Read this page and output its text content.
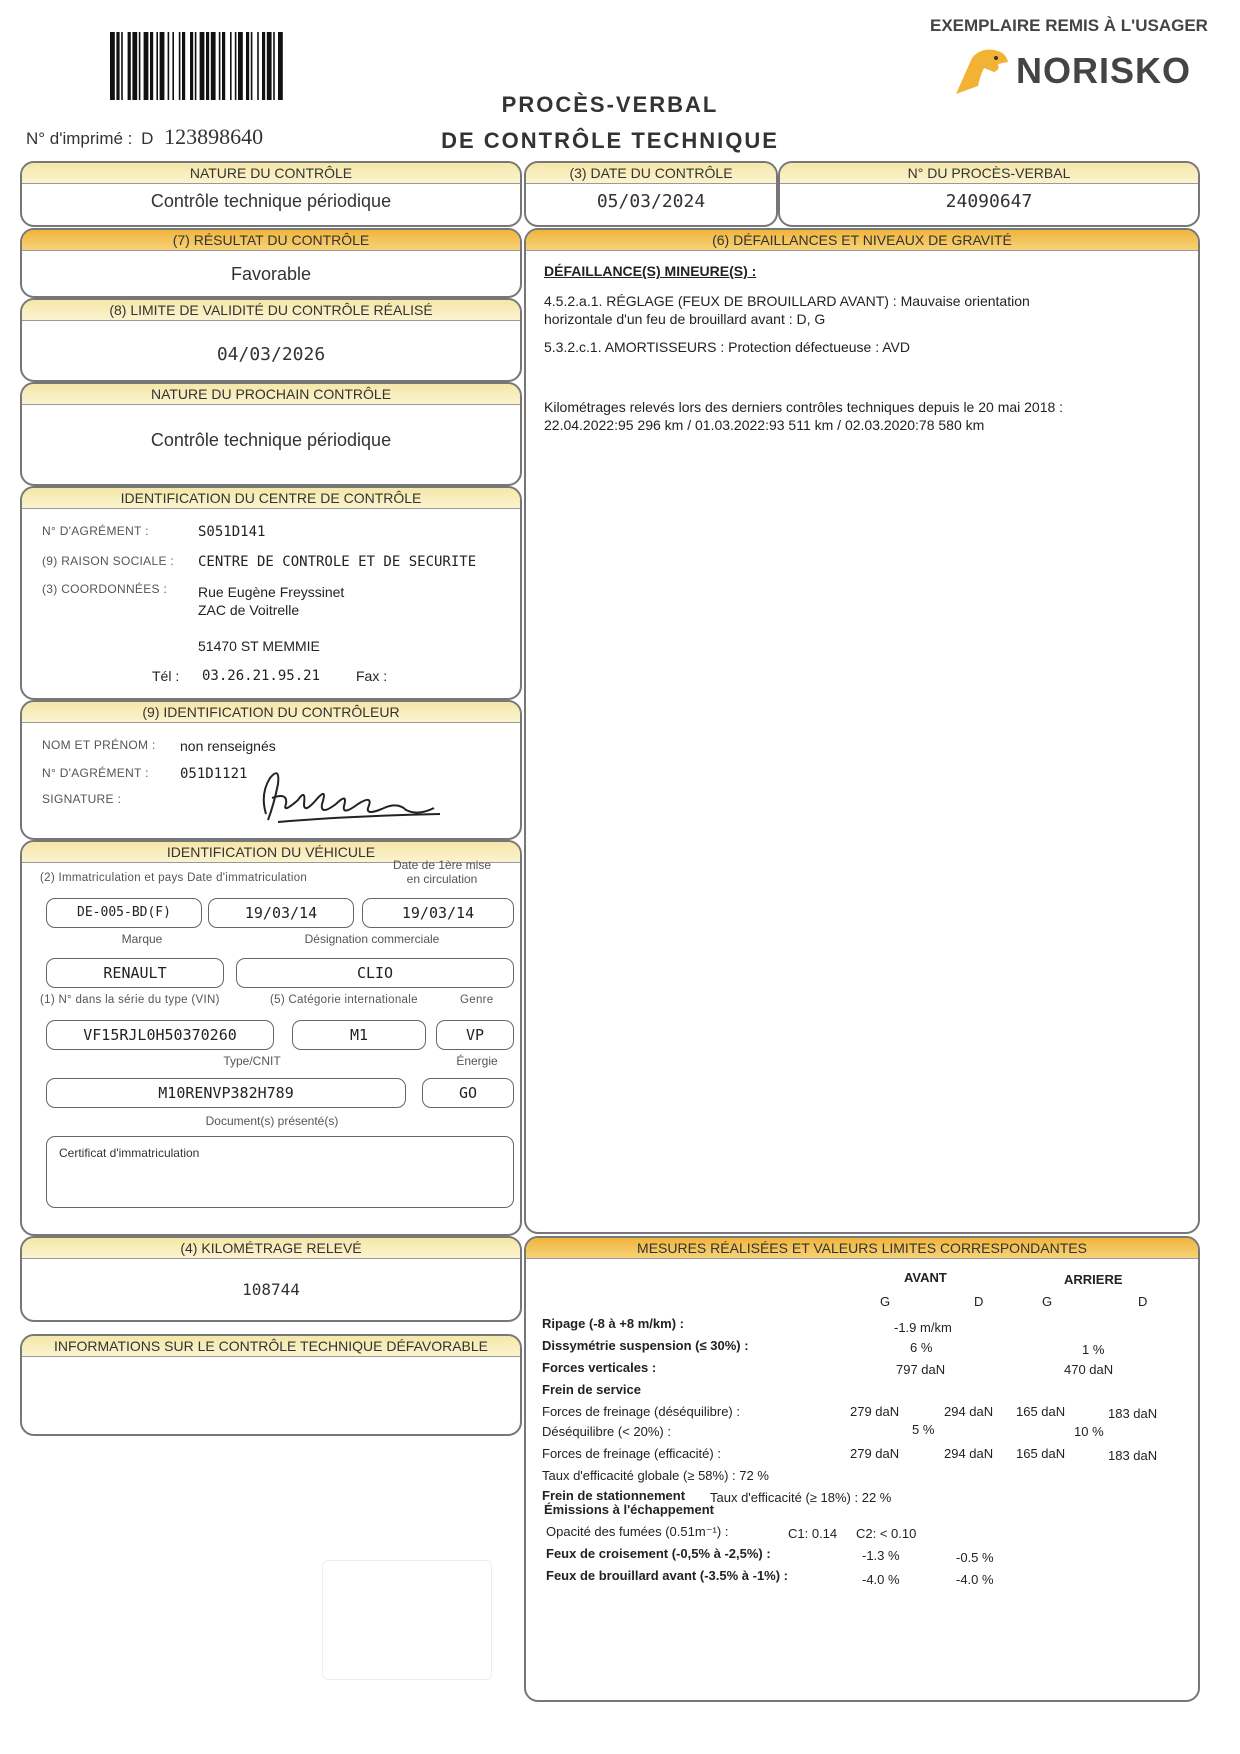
N° d'imprimé : D 123898640
PROCÈS-VERBAL
DE CONTRÔLE TECHNIQUE
EXEMPLAIRE REMIS À L'USAGER
NORISKO
NATURE DU CONTRÔLE
Contrôle technique périodique
(3) DATE DU CONTRÔLE
05/03/2024
N° DU PROCÈS-VERBAL
24090647
(7) RÉSULTAT DU CONTRÔLE
Favorable
(8) LIMITE DE VALIDITÉ DU CONTRÔLE RÉALISÉ
04/03/2026
NATURE DU PROCHAIN CONTRÔLE
Contrôle technique périodique
IDENTIFICATION DU CENTRE DE CONTRÔLE
N° D'AGRÉMENT :	S051D141
(9) RAISON SOCIALE : CENTRE DE CONTROLE ET DE SECURITE
(3) COORDONNÉES : Rue Eugène Freyssinet
ZAC de Voitrelle
51470 ST MEMMIE
Tél : 03.26.21.95.21	Fax :
(9) IDENTIFICATION DU CONTRÔLEUR
NOM ET PRÉNOM : non renseignés
N° D'AGRÉMENT : 051D1121
SIGNATURE :
IDENTIFICATION DU VÉHICULE
(2) Immatriculation et pays Date d'immatriculation
Date de 1ère mise
en circulation
DE-005-BD(F)	19/03/14	19/03/14
Marque	Désignation commerciale
RENAULT	CLIO
(1) N° dans la série du type (VIN)	(5) Catégorie internationale	Genre
VF15RJL0H50370260	M1	VP
Type/CNIT	Énergie
M10RENVP382H789	GO
Document(s) présenté(s)
Certificat d'immatriculation
(4) KILOMÉTRAGE RELEVÉ
108744
INFORMATIONS SUR LE CONTRÔLE TECHNIQUE DÉFAVORABLE
(6) DÉFAILLANCES ET NIVEAUX DE GRAVITÉ
DÉFAILLANCE(S) MINEURE(S) :
4.5.2.a.1. RÉGLAGE (FEUX DE BROUILLARD AVANT) : Mauvaise orientation
horizontale d'un feu de brouillard avant : D, G
5.3.2.c.1. AMORTISSEURS : Protection défectueuse : AVD
Kilométrages relevés lors des derniers contrôles techniques depuis le 20 mai 2018 :
22.04.2022:95 296 km / 01.03.2022:93 511 km / 02.03.2020:78 580 km
MESURES RÉALISÉES ET VALEURS LIMITES CORRESPONDANTES
AVANT	ARRIERE
G	D	G	D
Ripage (-8 à +8 m/km) :	-1.9 m/km
Dissymétrie suspension (≤ 30%) :	6 %	1 %
Forces verticales :	797 daN	470 daN
Frein de service
Forces de freinage (déséquilibre) :	279 daN	294 daN 165 daN	183 daN
Déséquilibre (< 20%) :	5 %	10 %
Forces de freinage (efficacité) :	279 daN	294 daN 165 daN	183 daN
Taux d'efficacité globale (≥ 58%) : 72 %
Frein de stationnement Taux d'efficacité (≥ 18%) : 22 %
Émissions à l'échappement
Opacité des fumées (0.51m⁻¹) :	C1: 0.14 C2: < 0.10
Feux de croisement (-0,5% à -2,5%) :	-1.3 %	-0.5 %
Feux de brouillard avant (-3.5% à -1%) :	-4.0 %	-4.0 %
